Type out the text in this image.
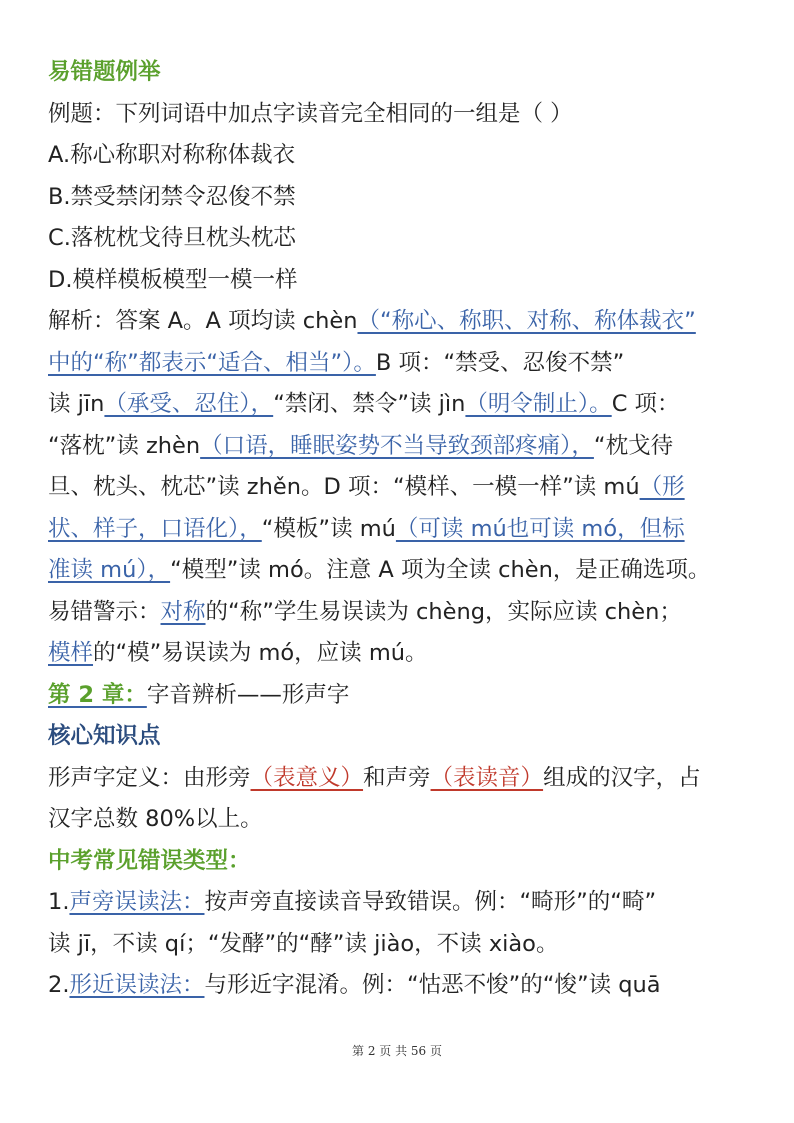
易错题例举
例题：下列词语中加点字读音完全相同的一组是（ ）
A.称心称职对称称体裁衣
B.禁受禁闭禁令忍俊不禁
C.落枕枕戈待旦枕头枕芯
D.模样模板模型一模一样
解析：答案 A。A 项均读 chèn（“称心、称职、对称、称体裁衣”
中的“称”都表示“适合、相当”）。B 项：“禁受、忍俊不禁”
读 jīn（承受、忍住），“禁闭、禁令”读 jìn（明令制止）。C 项：
“落枕”读 zhèn（口语，睡眠姿势不当导致颈部疼痛），“枕戈待
旦、枕头、枕芯”读 zhěn。D 项：“模样、一模一样”读 mú（形
状、样子，口语化），“模板”读 mú（可读 mú也可读 mó，但标
准读 mú），“模型”读 mó。注意 A 项为全读 chèn，是正确选项。
易错警示：对称的“称”学生易误读为 chèng，实际应读 chèn；
模样的“模”易误读为 mó，应读 mú。
第 2 章：字音辨析——形声字
核心知识点
形声字定义：由形旁（表意义）和声旁（表读音）组成的汉字，占
汉字总数 80%以上。
中考常见错误类型：
1.声旁误读法：按声旁直接读音导致错误。例：“畸形”的“畸”
读 jī，不读 qí；“发酵”的“酵”读 jiào，不读 xiào。
2.形近误读法：与形近字混淆。例：“怙恶不悛”的“悛”读 quā
第 2 页 共 56 页
